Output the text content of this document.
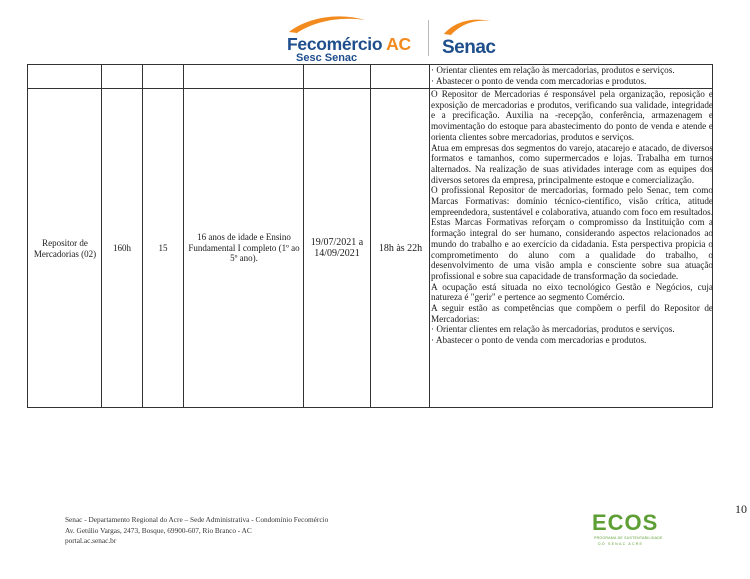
Fecomércio AC
Sesc Senac	Senac

· Orientar clientes em relação às mercadorias, produtos e serviços.

· Abastecer o ponto de venda com mercadorias e produtos.

Repositor de Mercadorias (02)
160h	15
16 anos de idade e Ensino Fundamental I completo (1º ao 5º ano).
18h às 22h
19/07/2021 a 14/09/2021

O Repositor de Mercadorias é responsável pela organização, reposição e exposição de mercadorias e produtos, verificando sua validade, integridade e a precificação. Auxilia na -recepção, conferência, armazenagem e movimentação do estoque para abastecimento do ponto de venda e atende e orienta clientes sobre mercadorias, produtos e serviços.

Atua em empresas dos segmentos do varejo, atacarejo e atacado, de diversos formatos e tamanhos, como supermercados e lojas. Trabalha em turnos alternados. Na realização de suas atividades interage com as equipes dos diversos setores da empresa, principalmente estoque e comercialização.

O profissional Repositor de mercadorias, formado pelo Senac, tem como Marcas Formativas: domínio técnico-científico, visão crítica, atitude empreendedora, sustentável e colaborativa, atuando com foco em resultados. Estas Marcas Formativas reforçam o compromisso da Instituição com a formação integral do ser humano, considerando aspectos relacionados ao mundo do trabalho e ao exercício da cidadania. Esta perspectiva propicia o comprometimento do aluno com a qualidade do trabalho, o desenvolvimento de uma visão ampla e consciente sobre sua atuação profissional e sobre sua capacidade de transformação da sociedade.

A ocupação está situada no eixo tecnológico Gestão e Negócios, cuja natureza é "gerir" e pertence ao segmento Comércio.

A seguir estão as competências que compõem o perfil do Repositor de Mercadorias:

· Orientar clientes em relação às mercadorias, produtos e serviços.

· Abastecer o ponto de venda com mercadorias e produtos.

Senac - Departamento Regional do Acre – Sede Administrativa - Condomínio Fecomércio
Av. Getúlio Vargas, 2473, Bosque, 69900-607, Rio Branco - AC
portal.ac.senac.br
10
ECOS
PROGRAMA DE SUSTENTABILIDADE
DO SENAC ACRE
